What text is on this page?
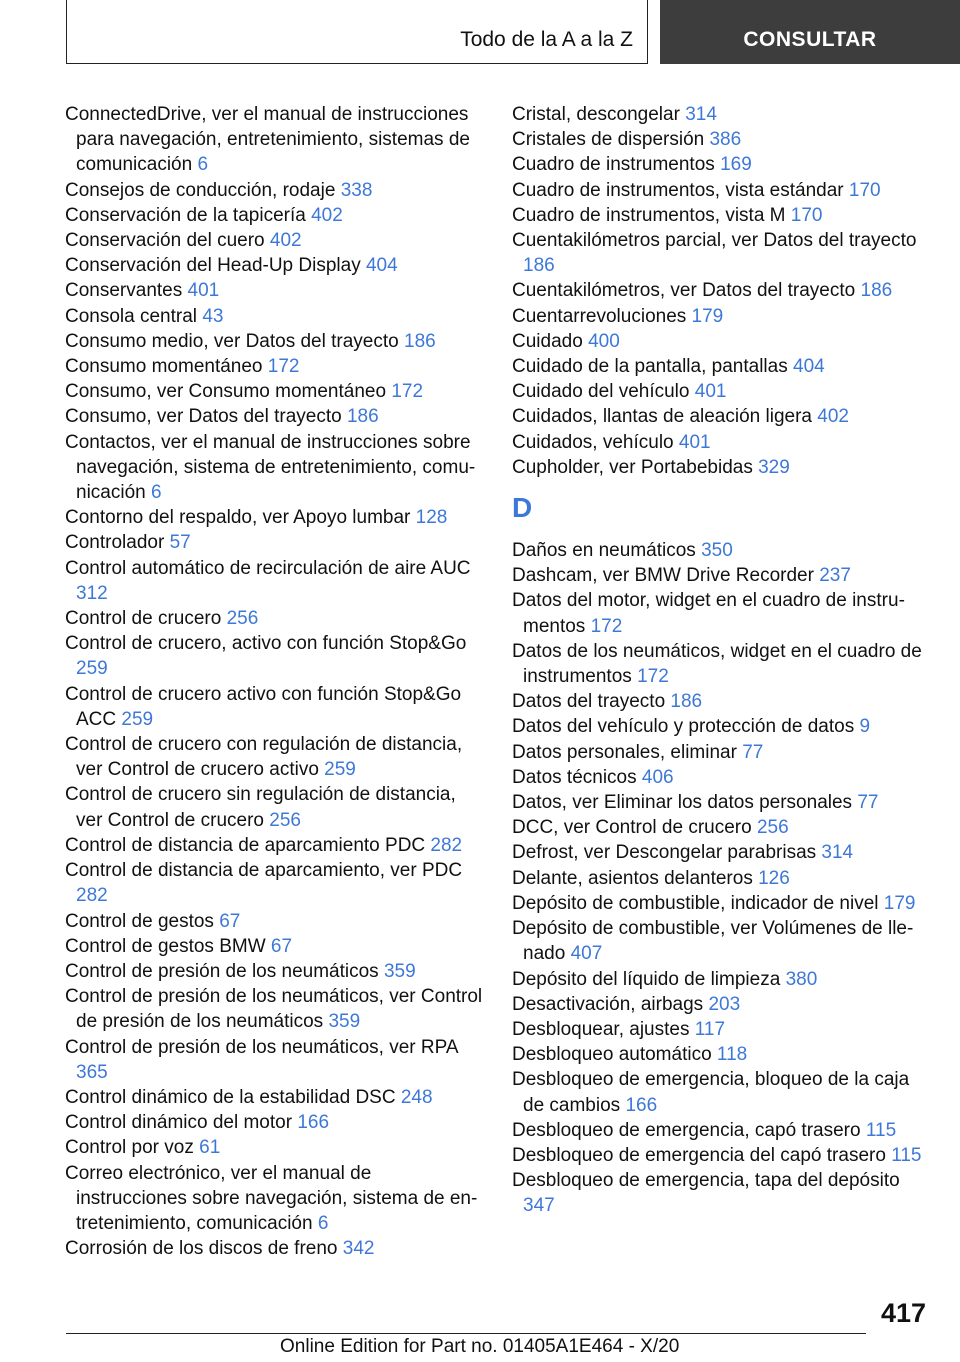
Todo de la A a la Z	CONSULTAR

ConnectedDrive, ver el manual de instrucciones para navegación, entretenimiento, sistemas de comunicación 6

Consejos de conducción, rodaje 338

Conservación de la tapicería 402

Conservación del cuero 402

Conservación del Head-Up Display 404

Conservantes 401

Consola central 43

Consumo medio, ver Datos del trayecto 186

Consumo momentáneo 172

Consumo, ver Consumo momentáneo 172

Consumo, ver Datos del trayecto 186

Contactos, ver el manual de instrucciones sobre navegación, sistema de entretenimiento, comunicación 6

Contorno del respaldo, ver Apoyo lumbar 128

Controlador 57

Control automático de recirculación de aire AUC 312

Control de crucero 256

Control de crucero, activo con función Stop&Go 259

Control de crucero activo con función Stop&Go ACC 259

Control de crucero con regulación de distancia, ver Control de crucero activo 259

Control de crucero sin regulación de distancia, ver Control de crucero 256

Control de distancia de aparcamiento PDC 282

Control de distancia de aparcamiento, ver PDC 282

Control de gestos 67

Control de gestos BMW 67

Control de presión de los neumáticos 359

Control de presión de los neumáticos, ver Control de presión de los neumáticos 359

Control de presión de los neumáticos, ver RPA 365

Control dinámico de la estabilidad DSC 248

Control dinámico del motor 166

Control por voz 61

Correo electrónico, ver el manual de instrucciones sobre navegación, sistema de entretenimiento, comunicación 6

Corrosión de los discos de freno 342

Cristal, descongelar 314

Cristales de dispersión 386

Cuadro de instrumentos 169

Cuadro de instrumentos, vista estándar 170

Cuadro de instrumentos, vista M 170

Cuentakilómetros parcial, ver Datos del trayecto 186

Cuentakilómetros, ver Datos del trayecto 186

Cuentarrevoluciones 179

Cuidado 400

Cuidado de la pantalla, pantallas 404

Cuidado del vehículo 401

Cuidados, llantas de aleación ligera 402

Cuidados, vehículo 401

Cupholder, ver Portabebidas 329

D

Daños en neumáticos 350

Dashcam, ver BMW Drive Recorder 237

Datos del motor, widget en el cuadro de instrumentos 172

Datos de los neumáticos, widget en el cuadro de instrumentos 172

Datos del trayecto 186

Datos del vehículo y protección de datos 9

Datos personales, eliminar 77

Datos técnicos 406

Datos, ver Eliminar los datos personales 77

DCC, ver Control de crucero 256

Defrost, ver Descongelar parabrisas 314

Delante, asientos delanteros 126

Depósito de combustible, indicador de nivel 179

Depósito de combustible, ver Volúmenes de llenado 407

Depósito del líquido de limpieza 380

Desactivación, airbags 203

Desbloquear, ajustes 117

Desbloqueo automático 118

Desbloqueo de emergencia, bloqueo de la caja de cambios 166

Desbloqueo de emergencia, capó trasero 115

Desbloqueo de emergencia del capó trasero 115

Desbloqueo de emergencia, tapa del depósito 347

417
Online Edition for Part no. 01405A1E464 - X/20
